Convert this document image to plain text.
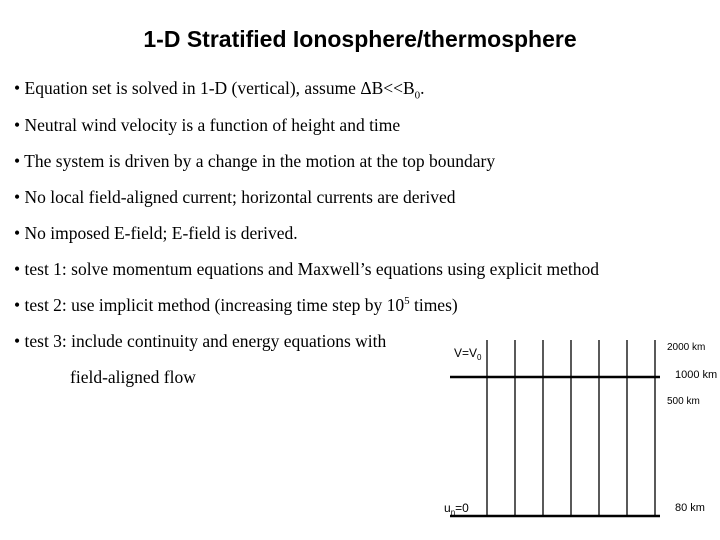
1-D Stratified Ionosphere/thermosphere
• Equation set is solved in 1-D (vertical), assume $\Delta B<<B_0$.
• Neutral wind velocity is a function of height and time
• The system is driven by a change in the motion at the top boundary
• No local field-aligned current; horizontal currents are derived
• No imposed E-field; E-field is derived.
• test 1: solve momentum equations and Maxwell’s equations using explicit method
• test 2: use implicit method (increasing time step by $10^5$ times)
• test 3: include continuity and energy equations with
field-aligned flow
$V=V_0$
$u_n=0$
2000 km
1000 km
500 km
80 km
